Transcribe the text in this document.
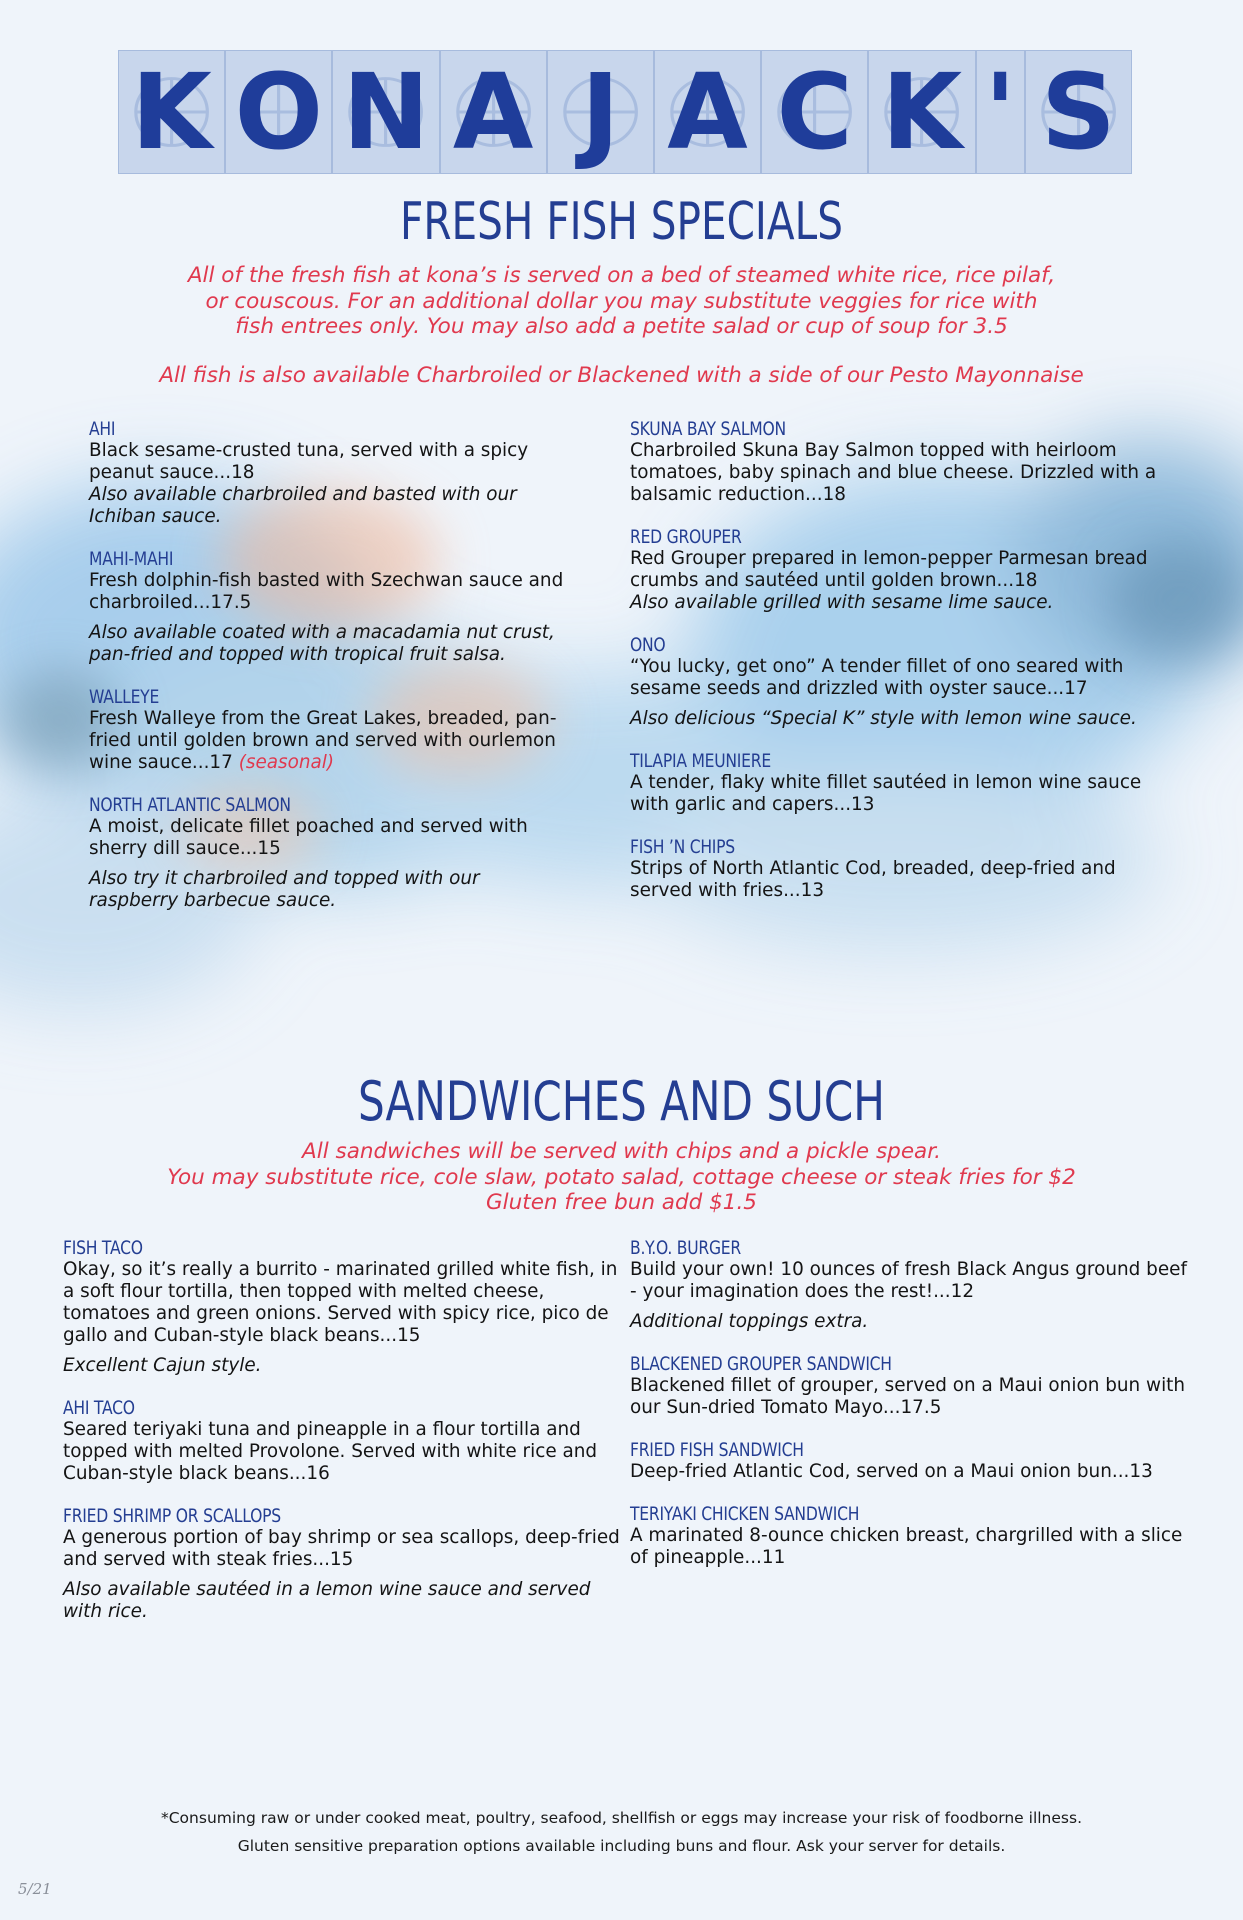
K O N A J A C K ' S
FRESH FISH SPECIALS

All of the fresh fish at kona’s is served on a bed of steamed white rice, rice pilaf,

or couscous. For an additional dollar you may substitute veggies for rice with

fish entrees only. You may also add a petite salad or cup of soup for 3.5

All fish is also available Charbroiled or Blackened with a side of our Pesto Mayonnaise
AHI

Black sesame-crusted tuna, served with a spicy peanut sauce...18

Also available charbroiled and basted with our Ichiban sauce.

MAHI-MAHI

Fresh dolphin-fish basted with Szechwan sauce and charbroiled...17.5

Also available coated with a macadamia nut crust, pan-fried and topped with tropical fruit salsa.

WALLEYE

Fresh Walleye from the Great Lakes, breaded, pan-fried until golden brown and served with ourlemon wine sauce...17 (seasonal)

NORTH ATLANTIC SALMON

A moist, delicate fillet poached and served with sherry dill sauce...15

Also try it charbroiled and topped with our raspberry barbecue sauce.

SKUNA BAY SALMON

Charbroiled Skuna Bay Salmon topped with heirloom tomatoes, baby spinach and blue cheese. Drizzled with a balsamic reduction...18

RED GROUPER

Red Grouper prepared in lemon-pepper Parmesan bread crumbs and sautéed until golden brown...18

Also available grilled with sesame lime sauce.

ONO

“You lucky, get ono” A tender fillet of ono seared with sesame seeds and drizzled with oyster sauce...17

Also delicious “Special K” style with lemon wine sauce.

TILAPIA MEUNIERE

A tender, flaky white fillet sautéed in lemon wine sauce with garlic and capers...13

FISH ’N CHIPS

Strips of North Atlantic Cod, breaded, deep-fried and served with fries...13

SANDWICHES AND SUCH

All sandwiches will be served with chips and a pickle spear.

You may substitute rice, cole slaw, potato salad, cottage cheese or steak fries for $2

Gluten free bun add $1.5

FISH TACO

Okay, so it’s really a burrito - marinated grilled white fish, in a soft flour tortilla, then topped with melted cheese, tomatoes and green onions. Served with spicy rice, pico de gallo and Cuban-style black beans...15

Excellent Cajun style.

AHI TACO

Seared teriyaki tuna and pineapple in a flour tortilla and topped with melted Provolone. Served with white rice and Cuban-style black beans...16

FRIED SHRIMP OR SCALLOPS

A generous portion of bay shrimp or sea scallops, deep-fried and served with steak fries...15

Also available sautéed in a lemon wine sauce and served with rice.

B.Y.O. BURGER

Build your own! 10 ounces of fresh Black Angus ground beef - your imagination does the rest!...12

Additional toppings extra.

BLACKENED GROUPER SANDWICH

Blackened fillet of grouper, served on a Maui onion bun with our Sun-dried Tomato Mayo...17.5

FRIED FISH SANDWICH

Deep-fried Atlantic Cod, served on a Maui onion bun...13

TERIYAKI CHICKEN SANDWICH

A marinated 8-ounce chicken breast, chargrilled with a slice of pineapple...11

*Consuming raw or under cooked meat, poultry, seafood, shellfish or eggs may increase your risk of foodborne illness.
Gluten sensitive preparation options available including buns and flour. Ask your server for details.
5/21
